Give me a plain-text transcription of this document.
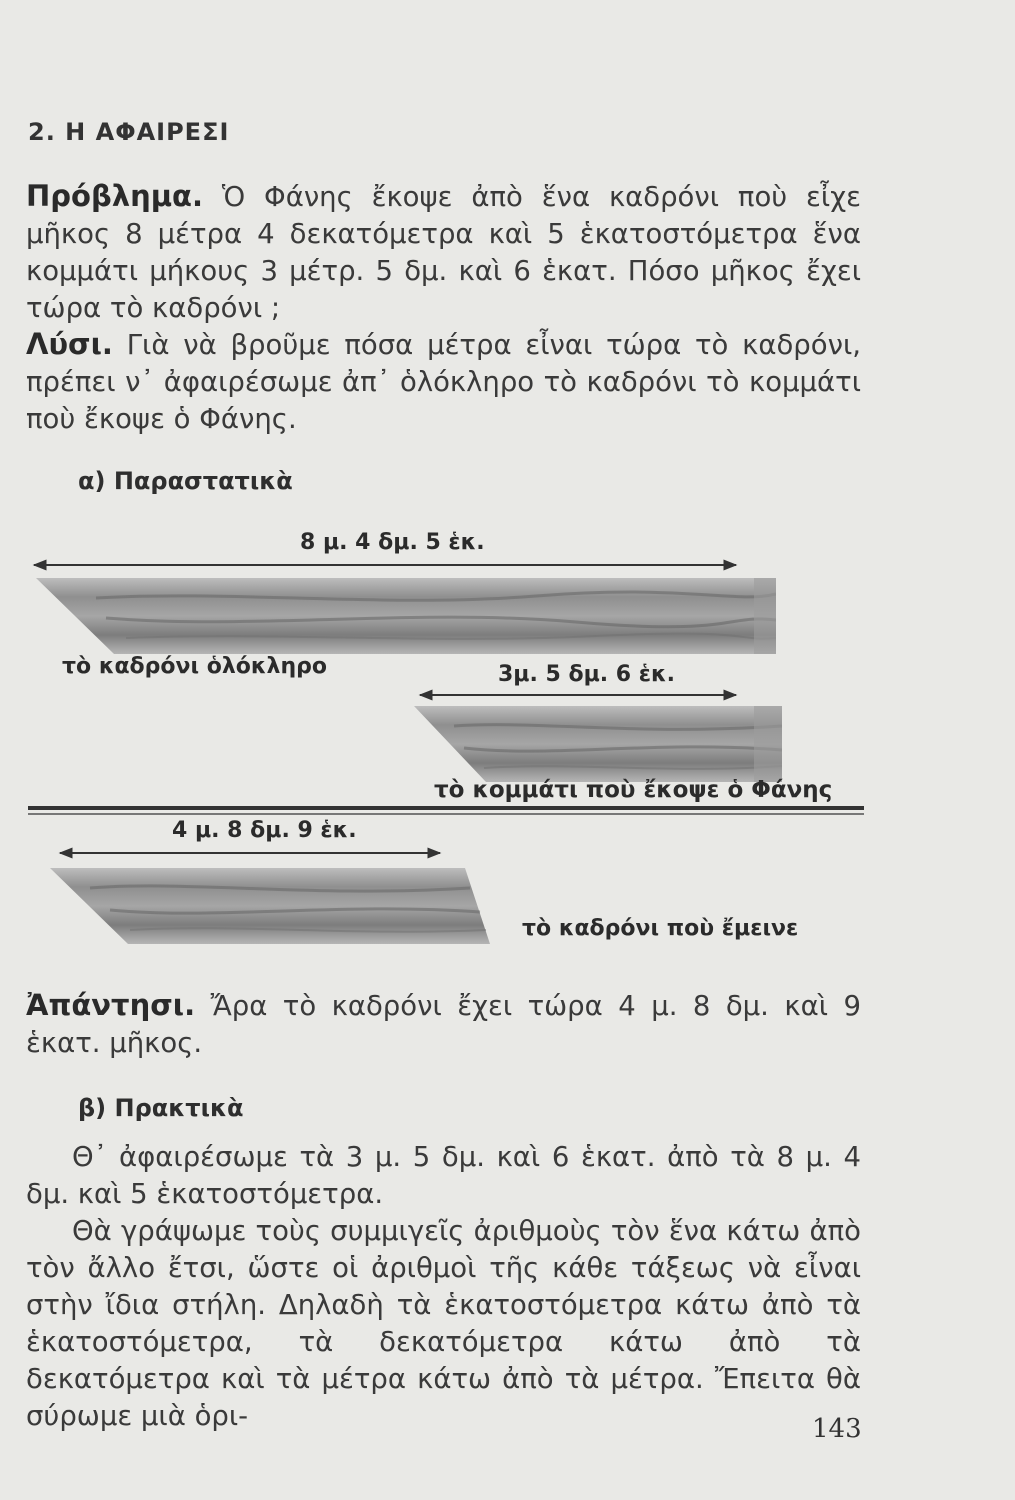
2. Η ΑΦΑΙΡΕΣΙ
Πρόβλημα. Ὁ Φάνης ἔκοψε ἀπὸ ἕνα καδρόνι ποὺ εἶχε μῆκος 8 μέτρα 4 δεκατόμετρα καὶ 5 ἑκατοστόμετρα ἕνα κομμάτι μήκους 3 μέτρ. 5 δμ. καὶ 6 ἑκατ. Πόσο μῆκος ἔχει τώρα τὸ καδρόνι ;
Λύσι. Γιὰ νὰ βροῦμε πόσα μέτρα εἶναι τώρα τὸ καδρόνι, πρέπει ν᾽ ἀφαιρέσωμε ἀπ᾽ ὁλόκληρο τὸ καδρόνι τὸ κομμάτι ποὺ ἔκοψε ὁ Φάνης.
α) Παραστατικὰ
8 μ. 4 δμ. 5 ἑκ.
τὸ καδρόνι ὁλόκληρο	3μ. 5 δμ. 6 ἑκ.
τὸ κομμάτι ποὺ ἔκοψε ὁ Φάνης
4 μ. 8 δμ. 9 ἑκ.
τὸ καδρόνι ποὺ ἔμεινε
Ἀπάντησι. Ἄρα τὸ καδρόνι ἔχει τώρα 4 μ. 8 δμ. καὶ 9 ἑκατ. μῆκος.
β) Πρακτικὰ
Θ᾽ ἀφαιρέσωμε τὰ 3 μ. 5 δμ. καὶ 6 ἑκατ. ἀπὸ τὰ 8 μ. 4 δμ. καὶ 5 ἑκατοστόμετρα.
Θὰ γράψωμε τοὺς συμμιγεῖς ἀριθμοὺς τὸν ἕνα κάτω ἀπὸ τὸν ἄλλο ἔτσι, ὥστε οἱ ἀριθμοὶ τῆς κάθε τάξεως νὰ εἶναι στὴν ἴδια στήλη. Δηλαδὴ τὰ ἑκατοστόμετρα κάτω ἀπὸ τὰ ἑκατοστόμετρα, τὰ δεκατόμετρα κάτω ἀπὸ τὰ δεκατόμετρα καὶ τὰ μέτρα κάτω ἀπὸ τὰ μέτρα. Ἔπειτα θὰ σύρωμε μιὰ ὁρι-	143
